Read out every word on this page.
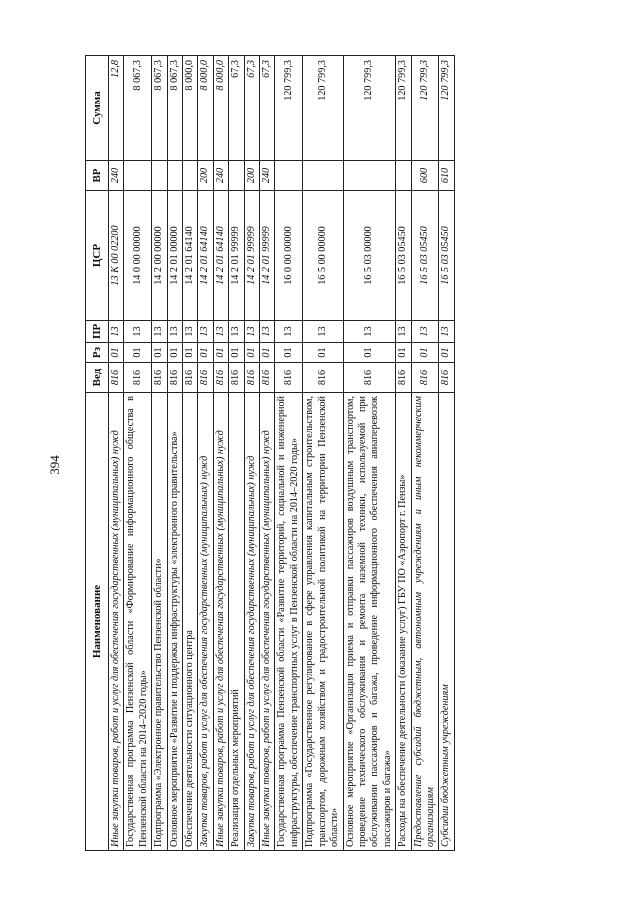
394
Наименование	Вед	Рз	ПР	ЦСР	ВР	Сумма
Иные закупки товаров, работ и услуг для обеспечения государственных (муниципальных) нужд	816	01	13	13 К 00 02200	240	12,8
Государственная программа Пензенской области «Формирование информационного общества в Пензенской области на 2014–2020 годы»	816	01	13	14 0 00 00000		8 067,3
Подпрограмма «Электронное правительство Пензенской области»	816	01	13	14 2 00 00000		8 067,3
Основное мероприятие «Развитие и поддержка инфраструктуры «электронного правительства»	816	01	13	14 2 01 00000		8 067,3
Обеспечение деятельности ситуационного центра	816	01	13	14 2 01 64140		8 000,0
Закупка товаров, работ и услуг для обеспечения государственных (муниципальных) нужд	816	01	13	14 2 01 64140	200	8 000,0
Иные закупки товаров, работ и услуг для обеспечения государственных (муниципальных) нужд	816	01	13	14 2 01 64140	240	8 000,0
Реализация отдельных мероприятий	816	01	13	14 2 01 99999		67,3
Закупка товаров, работ и услуг для обеспечения государственных (муниципальных) нужд	816	01	13	14 2 01 99999	200	67,3
Иные закупки товаров, работ и услуг для обеспечения государственных (муниципальных) нужд	816	01	13	14 2 01 99999	240	67,3
Государственная программа Пензенской области «Развитие территорий, социальной и инженерной инфраструктуры, обеспечение транспортных услуг в Пензенской области на 2014–2020 годы»	816	01	13	16 0 00 00000		120 799,3
Подпрограмма «Государственное регулирование в сфере управления капитальным строительством, транспортом, дорожным хозяйством и градостроительной политикой на территории Пензенской области»	816	01	13	16 5 00 00000		120 799,3
Основное мероприятие «Организация приема и отправки пассажиров воздушным транспортом, проведение технического обслуживания и ремонта наземной техники, используемой при обслуживании пассажиров и багажа, проведение информационного обеспечения авиаперевозок пассажиров и багажа»	816	01	13	16 5 03 00000		120 799,3
Расходы на обеспечение деятельности (оказание услуг) ГБУ ПО «Аэропорт г. Пензы»	816	01	13	16 5 03 05450		120 799,3
Предоставление субсидий бюджетным, автономным учреждениям и иным некоммерческим организациям	816	01	13	16 5 03 05450	600	120 799,3
Субсидии бюджетным учреждениям	816	01	13	16 5 03 05450	610	120 799,3
